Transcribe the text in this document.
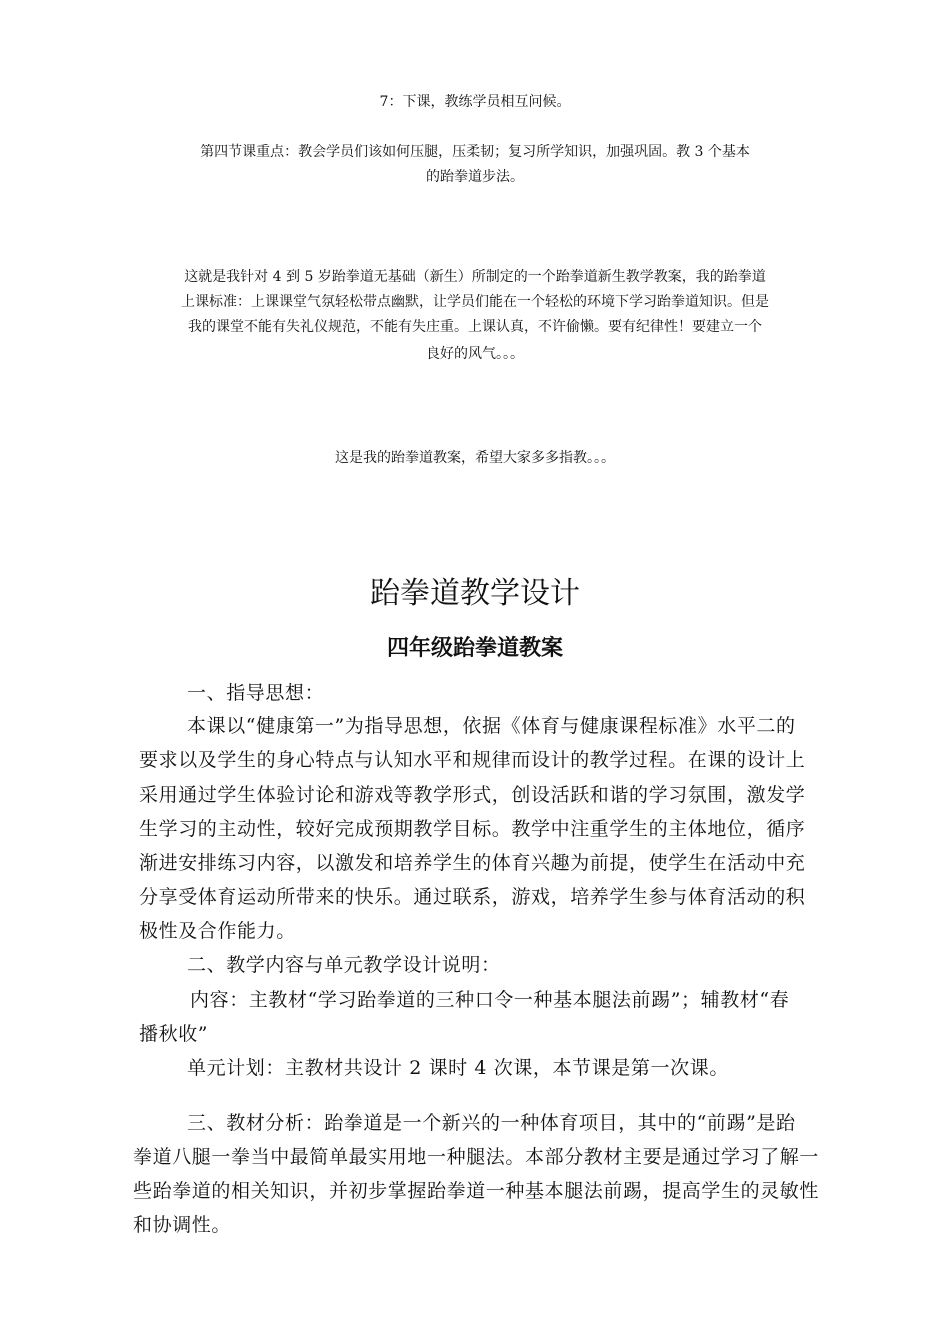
7：下课，教练学员相互问候。
第四节课重点：教会学员们该如何压腿，压柔韧；复习所学知识，加强巩固。教 3 个基本
的跆拳道步法。
这就是我针对 4 到 5 岁跆拳道无基础（新生）所制定的一个跆拳道新生教学教案，我的跆拳道
上课标准：上课课堂气氛轻松带点幽默，让学员们能在一个轻松的环境下学习跆拳道知识。但是
我的课堂不能有失礼仪规范，不能有失庄重。上课认真，不许偷懒。要有纪律性！要建立一个
良好的风气。。。
这是我的跆拳道教案，希望大家多多指教。。。
跆拳道教学设计
四年级跆拳道教案
一、指导思想：
本课以“健康第一”为指导思想，依据《体育与健康课程标准》水平二的
要求以及学生的身心特点与认知水平和规律而设计的教学过程。在课的设计上
采用通过学生体验讨论和游戏等教学形式，创设活跃和谐的学习氛围，激发学
生学习的主动性，较好完成预期教学目标。教学中注重学生的主体地位，循序
渐进安排练习内容，以激发和培养学生的体育兴趣为前提，使学生在活动中充
分享受体育运动所带来的快乐。通过联系，游戏，培养学生参与体育活动的积
极性及合作能力。
二、教学内容与单元教学设计说明：
内容：主教材“学习跆拳道的三种口令一种基本腿法前踢”；辅教材“春
播秋收”
单元计划：主教材共设计 2 课时 4 次课，本节课是第一次课。
三、教材分析：跆拳道是一个新兴的一种体育项目，其中的“前踢”是跆
拳道八腿一拳当中最简单最实用地一种腿法。本部分教材主要是通过学习了解一
些跆拳道的相关知识，并初步掌握跆拳道一种基本腿法前踢，提高学生的灵敏性
和协调性。
